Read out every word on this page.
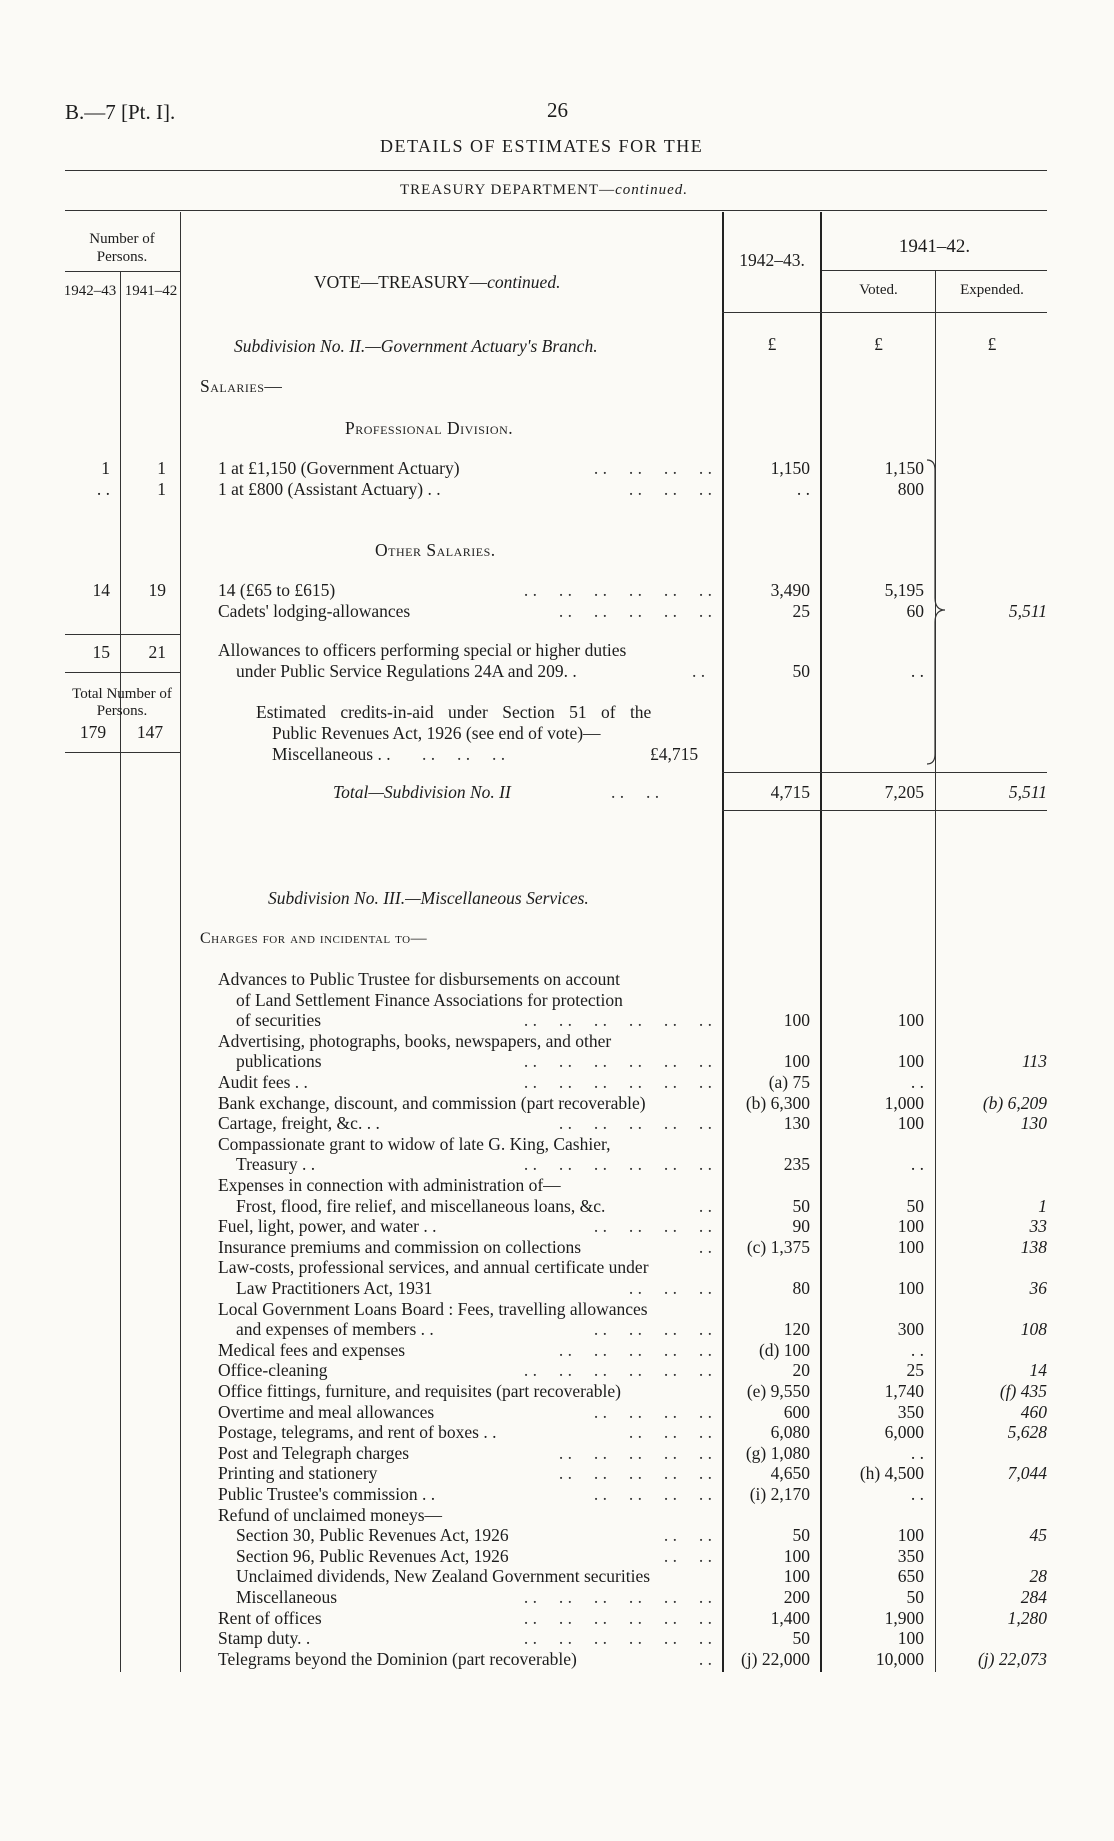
B.—7 [Pt. I].	26
DETAILS OF ESTIMATES FOR THE
TREASURY DEPARTMENT—continued.
Number of Persons.
1942–43 1941–42	VOTE—TREASURY—continued.
1942–43.
1941–42.
Voted.	Expended.
Subdivision No. II.—Government Actuary's Branch.	£	£	£
Salaries—
Professional Division.
1	1	1 at £1,150 (Government Actuary)	. .     . .     . .     . .	1,150	1,150
. .	1	1 at £800 (Assistant Actuary) . .	. .     . .     . .	. .	800
14	19	14 (£65 to £615)	. .     . .     . .     . .     . .     . .	3,490	5,195
Cadets' lodging-allowances	. .     . .     . .     . .     . .	25	60	5,511
Other Salaries.
15	21	Allowances to officers performing special or higher duties
under Public Service Regulations 24A and 209. .	. .	50	. .
Total Number of Persons.
179	147
Estimated credits-in-aid under Section 51 of the
Public Revenues Act, 1926 (see end of vote)—
Miscellaneous . . . .     . .     . .	£4,715
Total—Subdivision No. II	. .     . .	4,715	7,205	5,511
Subdivision No. III.—Miscellaneous Services.
Charges for and incidental to—
Advances to Public Trustee for disbursements on account
of Land Settlement Finance Associations for protection
of securities	. .     . .     . .     . .     . .     . .	100	100
Advertising, photographs, books, newspapers, and other
publications	. .     . .     . .     . .     . .     . .	100	100	113
Audit fees . .	. .     . .     . .     . .     . .     . .	(a) 75	. .
Bank exchange, discount, and commission (part recoverable)	(b) 6,300	1,000	(b) 6,209
Cartage, freight, &c. . .	. .     . .     . .     . .     . .	130	100	130
Compassionate grant to widow of late G. King, Cashier,
Treasury . .	. .     . .     . .     . .     . .     . .	235	. .
Expenses in connection with administration of—
Frost, flood, fire relief, and miscellaneous loans, &c.	. .	50	50	1
Fuel, light, power, and water . .	. .     . .     . .     . .	90	100	33
Insurance premiums and commission on collections	. .	(c) 1,375	100	138
Law-costs, professional services, and annual certificate under
Law Practitioners Act, 1931	. .     . .     . .	80	100	36
Local Government Loans Board : Fees, travelling allowances
and expenses of members . .	. .     . .     . .     . .	120	300	108
Medical fees and expenses	. .     . .     . .     . .     . .	(d) 100	. .
Office-cleaning	. .     . .     . .     . .     . .     . .	20	25	14
Office fittings, furniture, and requisites (part recoverable)	(e) 9,550	1,740	(f) 435
Overtime and meal allowances	. .     . .     . .     . .	600	350	460
Postage, telegrams, and rent of boxes . .	. .     . .     . .	6,080	6,000	5,628
Post and Telegraph charges	. .     . .     . .     . .     . .	(g) 1,080	. .
Printing and stationery	. .     . .     . .     . .     . .	4,650	(h) 4,500	7,044
Public Trustee's commission . .	. .     . .     . .     . .	(i) 2,170	. .
Refund of unclaimed moneys—
Section 30, Public Revenues Act, 1926	. .     . .	50	100	45
Section 96, Public Revenues Act, 1926	. .     . .	100	350
Unclaimed dividends, New Zealand Government securities	100	650	28
Miscellaneous	. .     . .     . .     . .     . .     . .	200	50	284
Rent of offices	. .     . .     . .     . .     . .     . .	1,400	1,900	1,280
Stamp duty. .	. .     . .     . .     . .     . .     . .	50	100
Telegrams beyond the Dominion (part recoverable)	. .	(j) 22,000	10,000	(j) 22,073
